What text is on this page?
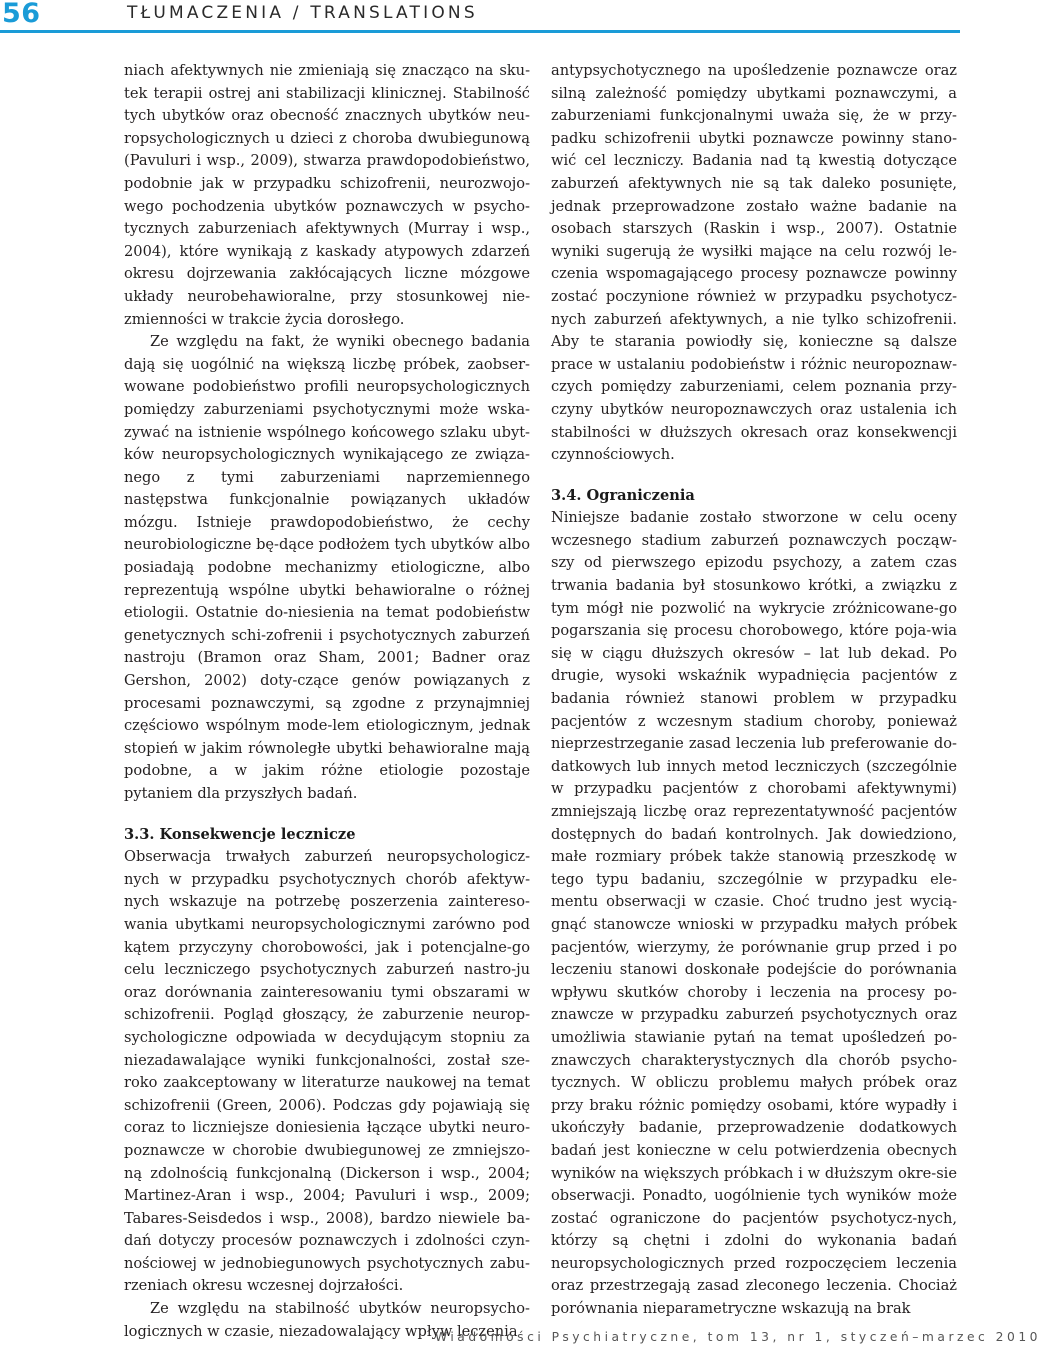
56	TŁUMACZENIA / TRANSLATIONS

niach afektywnych nie zmieniają się znacząco na sku-tek terapii ostrej ani stabilizacji klinicznej. Stabilność tych ubytków oraz obecność znacznych ubytków neu-ropsychologicznych u dzieci z choroba dwubiegunową (Pavuluri i wsp., 2009), stwarza prawdopodobieństwo, podobnie jak w przypadku schizofrenii, neurozwojo-wego pochodzenia ubytków poznawczych w psycho-tycznych zaburzeniach afektywnych (Murray i wsp., 2004), które wynikają z kaskady atypowych zdarzeń okresu dojrzewania zakłócających liczne mózgowe układy neurobehawioralne, przy stosunkowej nie-zmienności w trakcie życia dorosłego.

Ze względu na fakt, że wyniki obecnego badania dają się uogólnić na większą liczbę próbek, zaobser-wowane podobieństwo profili neuropsychologicznych pomiędzy zaburzeniami psychotycznymi może wska-zywać na istnienie wspólnego końcowego szlaku ubyt-ków neuropsychologicznych wynikającego ze związa-nego z tymi zaburzeniami naprzemiennego następstwa funkcjonalnie powiązanych układów mózgu. Istnieje prawdopodobieństwo, że cechy neurobiologiczne bę-dące podłożem tych ubytków albo posiadają podobne mechanizmy etiologiczne, albo reprezentują wspólne ubytki behawioralne o różnej etiologii. Ostatnie do-niesienia na temat podobieństw genetycznych schi-zofrenii i psychotycznych zaburzeń nastroju (Bramon oraz Sham, 2001; Badner oraz Gershon, 2002) doty-czące genów powiązanych z procesami poznawczymi, są zgodne z przynajmniej częściowo wspólnym mode-lem etiologicznym, jednak stopień w jakim równoległe ubytki behawioralne mają podobne, a w jakim różne etiologie pozostaje pytaniem dla przyszłych badań.

3.3. Konsekwencje lecznicze

Obserwacja trwałych zaburzeń neuropsychologicz-nych w przypadku psychotycznych chorób afektyw-nych wskazuje na potrzebę poszerzenia zaintereso-wania ubytkami neuropsychologicznymi zarówno pod kątem przyczyny chorobowości, jak i potencjalne-go celu leczniczego psychotycznych zaburzeń nastro-ju oraz dorównania zainteresowaniu tymi obszarami w schizofrenii. Pogląd głoszący, że zaburzenie neurop-sychologiczne odpowiada w decydującym stopniu za niezadawalające wyniki funkcjonalności, został sze-roko zaakceptowany w literaturze naukowej na temat schizofrenii (Green, 2006). Podczas gdy pojawiają się coraz to liczniejsze doniesienia łączące ubytki neuro-poznawcze w chorobie dwubiegunowej ze zmniejszo-ną zdolnością funkcjonalną (Dickerson i wsp., 2004; Martinez-Aran i wsp., 2004; Pavuluri i wsp., 2009; Tabares-Seisdedos i wsp., 2008), bardzo niewiele ba-dań dotyczy procesów poznawczych i zdolności czyn-nościowej w jednobiegunowych psychotycznych zabu-rzeniach okresu wczesnej dojrzałości.

Ze względu na stabilność ubytków neuropsycho-logicznych w czasie, niezadowalający wpływ leczenia

antypsychotycznego na upośledzenie poznawcze oraz silną zależność pomiędzy ubytkami poznawczymi, a zaburzeniami funkcjonalnymi uważa się, że w przy-padku schizofrenii ubytki poznawcze powinny stano-wić cel leczniczy. Badania nad tą kwestią dotyczące zaburzeń afektywnych nie są tak daleko posunięte, jednak przeprowadzone zostało ważne badanie na osobach starszych (Raskin i wsp., 2007). Ostatnie wyniki sugerują że wysiłki mające na celu rozwój le-czenia wspomagającego procesy poznawcze powinny zostać poczynione również w przypadku psychotycz-nych zaburzeń afektywnych, a nie tylko schizofrenii. Aby te starania powiodły się, konieczne są dalsze prace w ustalaniu podobieństw i różnic neuropoznaw-czych pomiędzy zaburzeniami, celem poznania przy-czyny ubytków neuropoznawczych oraz ustalenia ich stabilności w dłuższych okresach oraz konsekwencji czynnościowych.

3.4. Ograniczenia

Niniejsze badanie zostało stworzone w celu oceny wczesnego stadium zaburzeń poznawczych począw-szy od pierwszego epizodu psychozy, a zatem czas trwania badania był stosunkowo krótki, a związku z tym mógł nie pozwolić na wykrycie zróżnicowane-go pogarszania się procesu chorobowego, które poja-wia się w ciągu dłuższych okresów – lat lub dekad. Po drugie, wysoki wskaźnik wypadnięcia pacjentów z badania również stanowi problem w przypadku pacjentów z wczesnym stadium choroby, ponieważ nieprzestrzeganie zasad leczenia lub preferowanie do-datkowych lub innych metod leczniczych (szczególnie w przypadku pacjentów z chorobami afektywnymi) zmniejszają liczbę oraz reprezentatywność pacjentów dostępnych do badań kontrolnych. Jak dowiedziono, małe rozmiary próbek także stanowią przeszkodę w tego typu badaniu, szczególnie w przypadku ele-mentu obserwacji w czasie. Choć trudno jest wycią-gnąć stanowcze wnioski w przypadku małych próbek pacjentów, wierzymy, że porównanie grup przed i po leczeniu stanowi doskonałe podejście do porównania wpływu skutków choroby i leczenia na procesy po-znawcze w przypadku zaburzeń psychotycznych oraz umożliwia stawianie pytań na temat upośledzeń po-znawczych charakterystycznych dla chorób psycho-tycznych. W obliczu problemu małych próbek oraz przy braku różnic pomiędzy osobami, które wypadły i ukończyły badanie, przeprowadzenie dodatkowych badań jest konieczne w celu potwierdzenia obecnych wyników na większych próbkach i w dłuższym okre-sie obserwacji. Ponadto, uogólnienie tych wyników może zostać ograniczone do pacjentów psychotycz-nych, którzy są chętni i zdolni do wykonania badań neuropsychologicznych przed rozpoczęciem leczenia oraz przestrzegają zasad zleconego leczenia. Chociaż porównania nieparametryczne wskazują na brak

Wiadomości Psychiatryczne, tom 13, nr 1, styczeń–marzec 2010
